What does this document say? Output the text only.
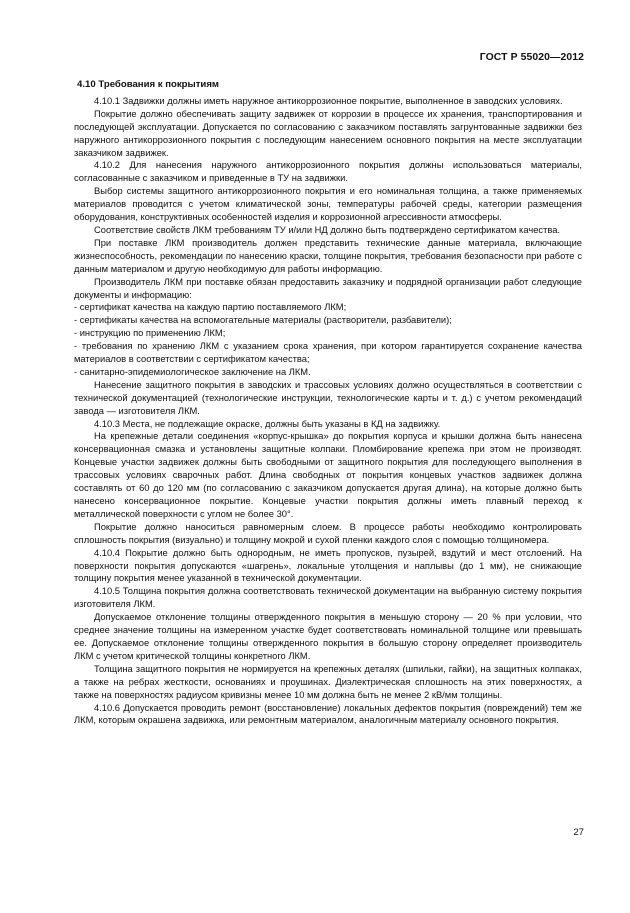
ГОСТ Р 55020—2012
4.10 Требования к покрытиям

4.10.1 Задвижки должны иметь наружное антикоррозионное покрытие, выполненное в заводских условиях.

Покрытие должно обеспечивать защиту задвижек от коррозии в процессе их хранения, транспортирования и последующей эксплуатации. Допускается по согласованию с заказчиком поставлять загрунтованные задвижки без наружного антикоррозионного покрытия с последующим нанесением основного покрытия на месте эксплуатации заказчиком задвижек.

4.10.2 Для нанесения наружного антикоррозионного покрытия должны использоваться материалы, согласованные с заказчиком и приведенные в ТУ на задвижки.

Выбор системы защитного антикоррозионного покрытия и его номинальная толщина, а также применяемых материалов проводится с учетом климатической зоны, температуры рабочей среды, категории размещения оборудования, конструктивных особенностей изделия и коррозионной агрессивности атмосферы.

Соответствие свойств ЛКМ требованиям ТУ и/или НД должно быть подтверждено сертификатом качества.

При поставке ЛКМ производитель должен представить технические данные материала, включающие жизнеспособность, рекомендации по нанесению краски, толщине покрытия, требования безопасности при работе с данным материалом и другую необходимую для работы информацию.

Производитель ЛКМ при поставке обязан предоставить заказчику и подрядной организации работ следующие документы и информацию:

- сертификат качества на каждую партию поставляемого ЛКМ;

- сертификаты качества на вспомогательные материалы (растворители, разбавители);

- инструкцию по применению ЛКМ;

- требования по хранению ЛКМ с указанием срока хранения, при котором гарантируется сохранение качества материалов в соответствии с сертификатом качества;

- санитарно-эпидемиологическое заключение на ЛКМ.

Нанесение защитного покрытия в заводских и трассовых условиях должно осуществляться в соответствии с технической документацией (технологические инструкции, технологические карты и т. д.) с учетом рекомендаций завода — изготовителя ЛКМ.

4.10.3 Места, не подлежащие окраске, должны быть указаны в КД на задвижку.

На крепежные детали соединения «корпус-крышка» до покрытия корпуса и крышки должна быть нанесена консервационная смазка и установлены защитные колпаки. Пломбирование крепежа при этом не производят. Концевые участки задвижек должны быть свободными от защитного покрытия для последующего выполнения в трассовых условиях сварочных работ. Длина свободных от покрытия концевых участков задвижек должна составлять от 60 до 120 мм (по согласованию с заказчиком допускается другая длина), на которые должно быть нанесено консервационное покрытие. Концевые участки покрытия должны иметь плавный переход к металлической поверхности с углом не более 30°.

Покрытие должно наноситься равномерным слоем. В процессе работы необходимо контролировать сплошность покрытия (визуально) и толщину мокрой и сухой пленки каждого слоя с помощью толщиномера.

4.10.4 Покрытие должно быть однородным, не иметь пропусков, пузырей, вздутий и мест отслоений. На поверхности покрытия допускаются «шагрень», локальные утолщения и наплывы (до 1 мм), не снижающие толщину покрытия менее указанной в технической документации.

4.10.5 Толщина покрытия должна соответствовать технической документации на выбранную систему покрытия изготовителя ЛКМ.

Допускаемое отклонение толщины отвержденного покрытия в меньшую сторону — 20 % при условии, что среднее значение толщины на измеренном участке будет соответствовать номинальной толщине или превышать ее. Допускаемое отклонение толщины отвержденного покрытия в большую сторону определяет производитель ЛКМ с учетом критической толщины конкретного ЛКМ.

Толщина защитного покрытия не нормируется на крепежных деталях (шпильки, гайки), на защитных колпаках, а также на ребрах жесткости, основаниях и проушинах. Диэлектрическая сплошность на этих поверхностях, а также на поверхностях радиусом кривизны менее 10 мм должна быть не менее 2 кВ/мм толщины.

4.10.6 Допускается проводить ремонт (восстановление) локальных дефектов покрытия (повреждений) тем же ЛКМ, которым окрашена задвижка, или ремонтным материалом, аналогичным материалу основного покрытия.

27
